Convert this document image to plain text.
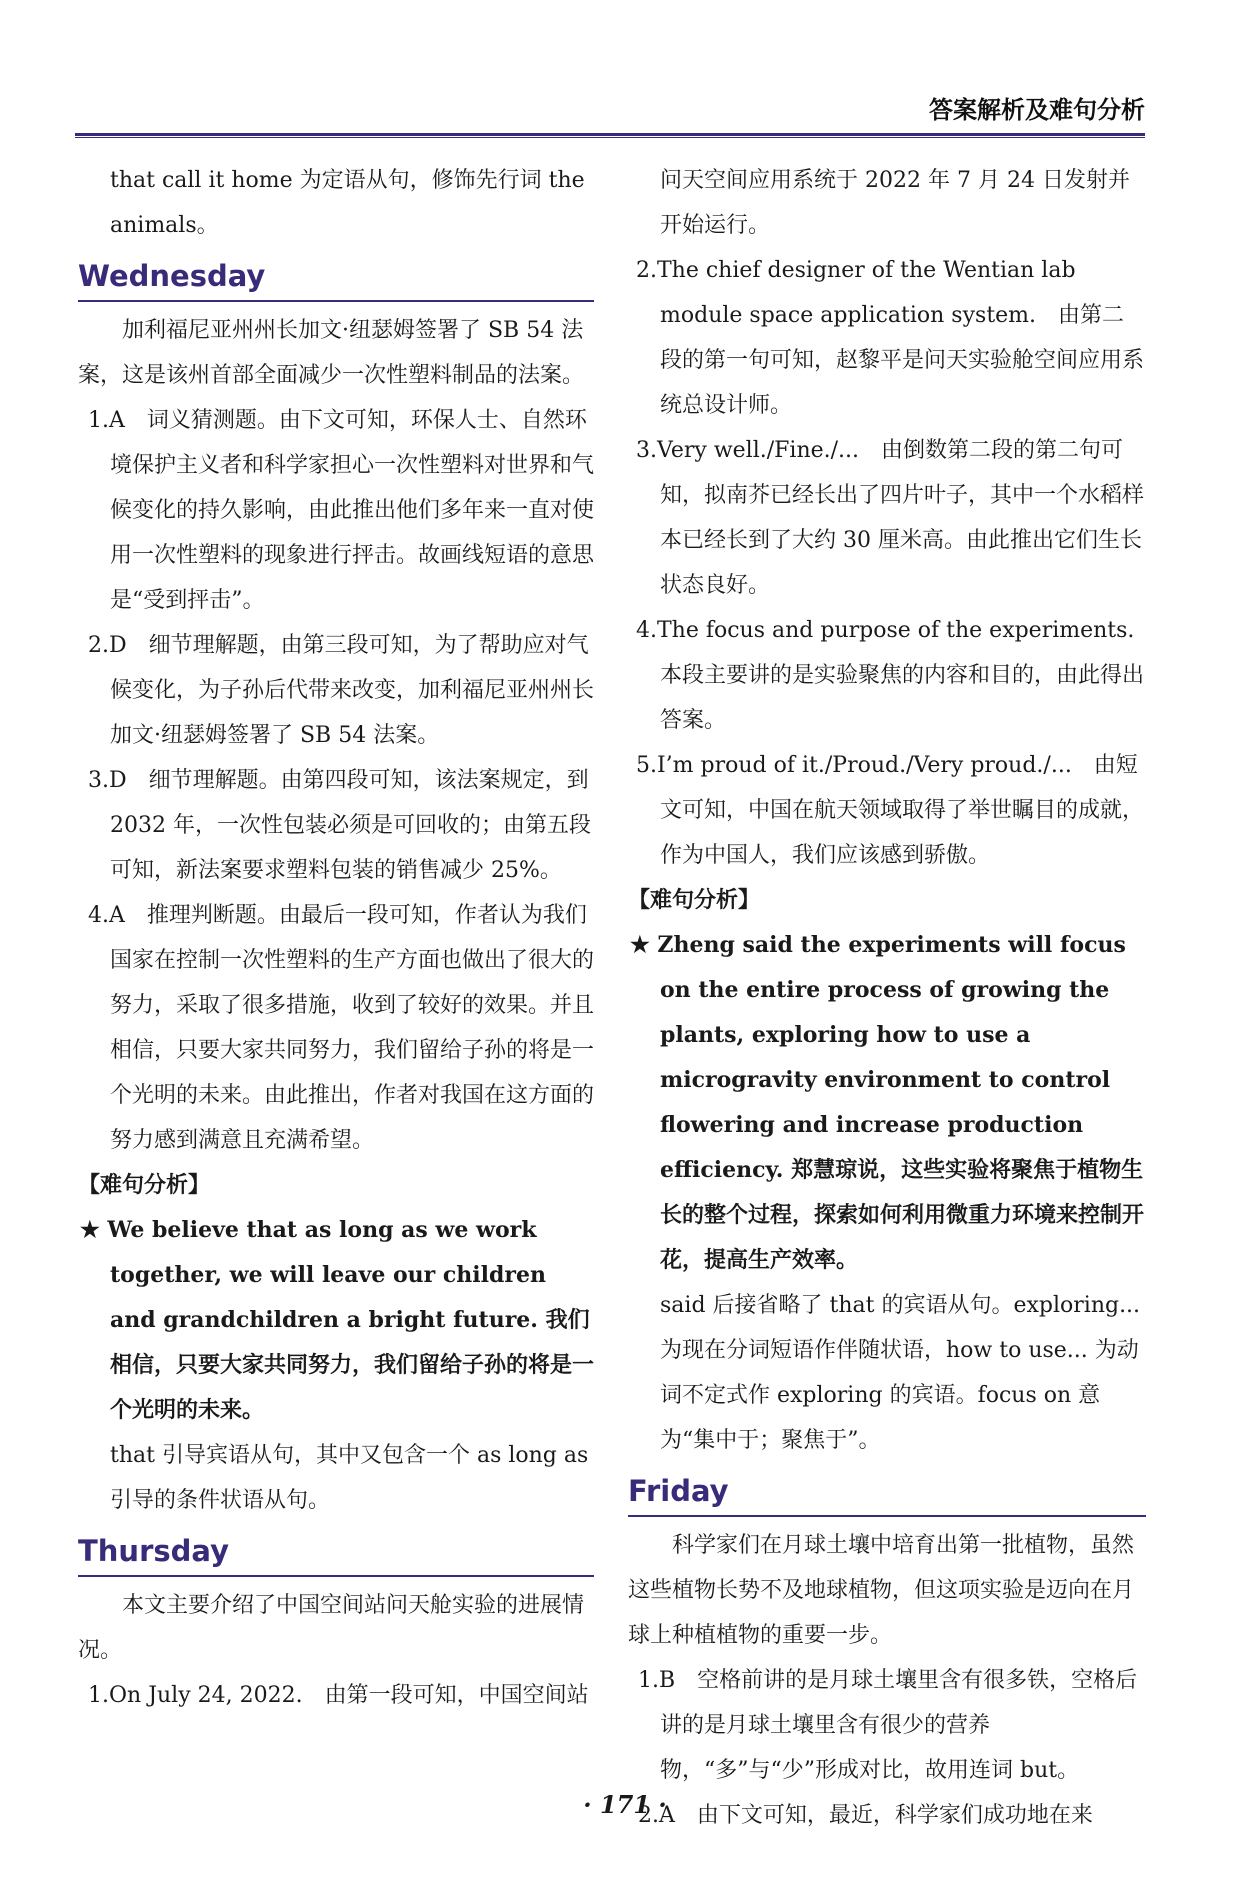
答案解析及难句分析

that call it home 为定语从句，修饰先行词 the

animals。

Wednesday

加利福尼亚州州长加文·纽瑟姆签署了 SB 54 法案，这是该州首部全面减少一次性塑料制品的法案。

1.A　词义猜测题。由下文可知，环保人士、自然环境保护主义者和科学家担心一次性塑料对世界和气候变化的持久影响，由此推出他们多年来一直对使用一次性塑料的现象进行抨击。故画线短语的意思是“受到抨击”。

2.D　细节理解题，由第三段可知，为了帮助应对气候变化，为子孙后代带来改变，加利福尼亚州州长加文·纽瑟姆签署了 SB 54 法案。

3.D　细节理解题。由第四段可知，该法案规定，到 2032 年，一次性包装必须是可回收的；由第五段可知，新法案要求塑料包装的销售减少 25%。

4.A　推理判断题。由最后一段可知，作者认为我们国家在控制一次性塑料的生产方面也做出了很大的努力，采取了很多措施，收到了较好的效果。并且相信，只要大家共同努力，我们留给子孙的将是一个光明的未来。由此推出，作者对我国在这方面的努力感到满意且充满希望。

【难句分析】

★ We believe that as long as we work together, we will leave our children and grandchildren a bright future. 我们相信，只要大家共同努力，我们留给子孙的将是一个光明的未来。

that 引导宾语从句，其中又包含一个 as long as 引导的条件状语从句。

Thursday

本文主要介绍了中国空间站问天舱实验的进展情况。

1.On July 24, 2022.　由第一段可知，中国空间站

问天空间应用系统于 2022 年 7 月 24 日发射并开始运行。

2.The chief designer of the Wentian lab module space application system.　由第二段的第一句可知，赵黎平是问天实验舱空间应用系统总设计师。

3.Very well./Fine./...　由倒数第二段的第二句可知，拟南芥已经长出了四片叶子，其中一个水稻样本已经长到了大约 30 厘米高。由此推出它们生长状态良好。

4.The focus and purpose of the experiments.　本段主要讲的是实验聚焦的内容和目的，由此得出答案。

5.I’m proud of it./Proud./Very proud./...　由短文可知，中国在航天领域取得了举世瞩目的成就，作为中国人，我们应该感到骄傲。

【难句分析】

★ Zheng said the experiments will focus on the entire process of growing the plants, exploring how to use a microgravity environment to control flowering and increase production efficiency. 郑慧琼说，这些实验将聚焦于植物生长的整个过程，探索如何利用微重力环境来控制开花，提高生产效率。

said 后接省略了 that 的宾语从句。exploring... 为现在分词短语作伴随状语，how to use... 为动词不定式作 exploring 的宾语。focus on 意为“集中于；聚焦于”。

Friday

科学家们在月球土壤中培育出第一批植物，虽然这些植物长势不及地球植物，但这项实验是迈向在月球上种植植物的重要一步。

1.B　空格前讲的是月球土壤里含有很多铁，空格后讲的是月球土壤里含有很少的营养物，“多”与“少”形成对比，故用连词 but。

2.A　由下文可知，最近，科学家们成功地在来

· 171 ·
